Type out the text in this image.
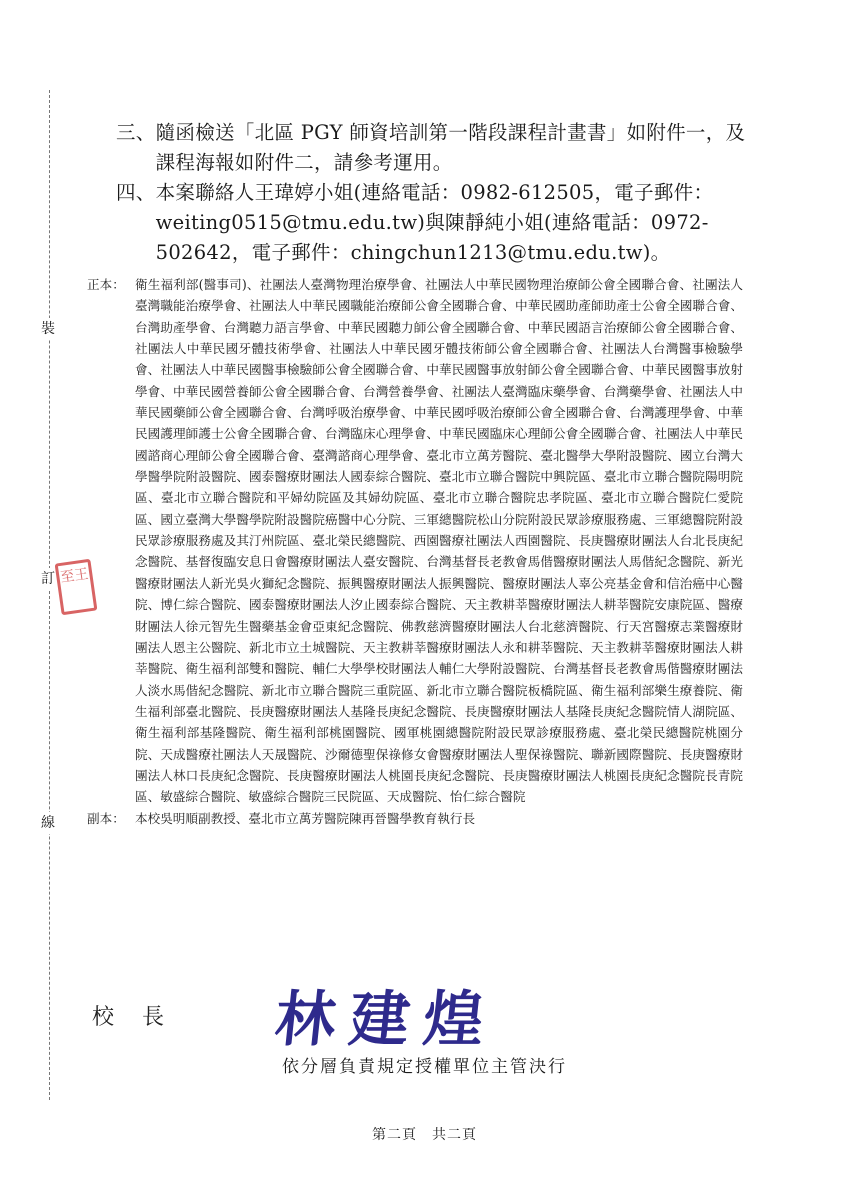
裝
訂
線
至王
三、 隨函檢送「北區 PGY 師資培訓第一階段課程計畫書」如附件一，及課程海報如附件二，請參考運用。
四、 本案聯絡人王瑋婷小姐(連絡電話：0982-612505，電子郵件：weiting0515@tmu.edu.tw)與陳靜純小姐(連絡電話：0972-502642，電子郵件：chingchun1213@tmu.edu.tw)。
正本： 衛生福利部(醫事司)、社團法人臺灣物理治療學會、社團法人中華民國物理治療師公會全國聯合會、社團法人臺灣職能治療學會、社團法人中華民國職能治療師公會全國聯合會、中華民國助產師助產士公會全國聯合會、台灣助產學會、台灣聽力語言學會、中華民國聽力師公會全國聯合會、中華民國語言治療師公會全國聯合會、社團法人中華民國牙體技術學會、社團法人中華民國牙體技術師公會全國聯合會、社團法人台灣醫事檢驗學會、社團法人中華民國醫事檢驗師公會全國聯合會、中華民國醫事放射師公會全國聯合會、中華民國醫事放射學會、中華民國營養師公會全國聯合會、台灣營養學會、社團法人臺灣臨床藥學會、台灣藥學會、社團法人中華民國藥師公會全國聯合會、台灣呼吸治療學會、中華民國呼吸治療師公會全國聯合會、台灣護理學會、中華民國護理師護士公會全國聯合會、台灣臨床心理學會、中華民國臨床心理師公會全國聯合會、社團法人中華民國諮商心理師公會全國聯合會、臺灣諮商心理學會、臺北市立萬芳醫院、臺北醫學大學附設醫院、國立台灣大學醫學院附設醫院、國泰醫療財團法人國泰綜合醫院、臺北市立聯合醫院中興院區、臺北市立聯合醫院陽明院區、臺北市立聯合醫院和平婦幼院區及其婦幼院區、臺北市立聯合醫院忠孝院區、臺北市立聯合醫院仁愛院區、國立臺灣大學醫學院附設醫院癌醫中心分院、三軍總醫院松山分院附設民眾診療服務處、三軍總醫院附設民眾診療服務處及其汀州院區、臺北榮民總醫院、西園醫療社團法人西園醫院、長庚醫療財團法人台北長庚紀念醫院、基督復臨安息日會醫療財團法人臺安醫院、台灣基督長老教會馬偕醫療財團法人馬偕紀念醫院、新光醫療財團法人新光吳火獅紀念醫院、振興醫療財團法人振興醫院、醫療財團法人辜公亮基金會和信治癌中心醫院、博仁綜合醫院、國泰醫療財團法人汐止國泰綜合醫院、天主教耕莘醫療財團法人耕莘醫院安康院區、醫療財團法人徐元智先生醫藥基金會亞東紀念醫院、佛教慈濟醫療財團法人台北慈濟醫院、行天宮醫療志業醫療財團法人恩主公醫院、新北市立土城醫院、天主教耕莘醫療財團法人永和耕莘醫院、天主教耕莘醫療財團法人耕莘醫院、衛生福利部雙和醫院、輔仁大學學校財團法人輔仁大學附設醫院、台灣基督長老教會馬偕醫療財團法人淡水馬偕紀念醫院、新北市立聯合醫院三重院區、新北市立聯合醫院板橋院區、衛生福利部樂生療養院、衛生福利部臺北醫院、長庚醫療財團法人基隆長庚紀念醫院、長庚醫療財團法人基隆長庚紀念醫院情人湖院區、衛生福利部基隆醫院、衛生福利部桃園醫院、國軍桃園總醫院附設民眾診療服務處、臺北榮民總醫院桃園分院、天成醫療社團法人天晟醫院、沙爾德聖保祿修女會醫療財團法人聖保祿醫院、聯新國際醫院、長庚醫療財團法人林口長庚紀念醫院、長庚醫療財團法人桃園長庚紀念醫院、長庚醫療財團法人桃園長庚紀念醫院長青院區、敏盛綜合醫院、敏盛綜合醫院三民院區、天成醫院、怡仁綜合醫院
副本： 本校吳明順副教授、臺北市立萬芳醫院陳再晉醫學教育執行長
校長 林建煌
依分層負責規定授權單位主管決行
第二頁　共二頁
